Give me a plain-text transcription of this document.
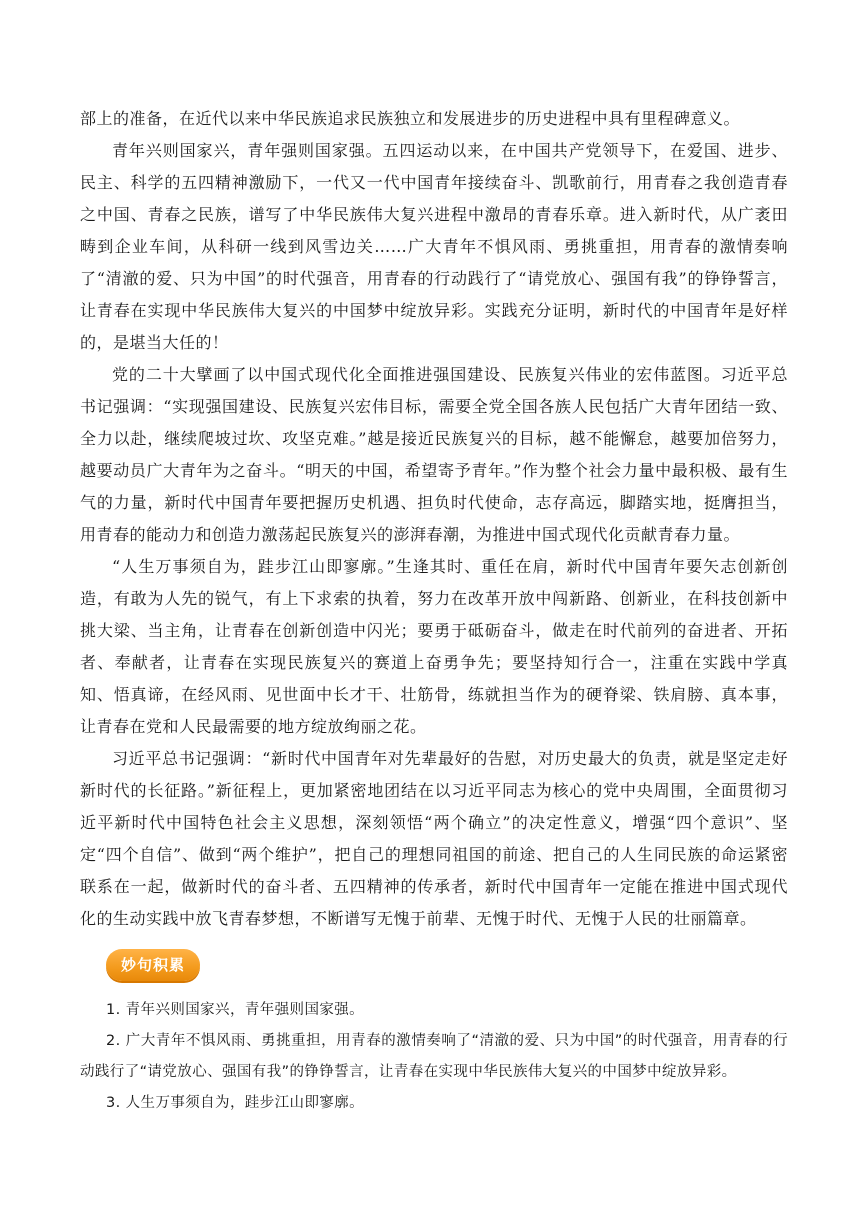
部上的准备，在近代以来中华民族追求民族独立和发展进步的历史进程中具有里程碑意义。

青年兴则国家兴，青年强则国家强。五四运动以来，在中国共产党领导下，在爱国、进步、民主、科学的五四精神激励下，一代又一代中国青年接续奋斗、凯歌前行，用青春之我创造青春之中国、青春之民族，谱写了中华民族伟大复兴进程中激昂的青春乐章。进入新时代，从广袤田畴到企业车间，从科研一线到风雪边关……广大青年不惧风雨、勇挑重担，用青春的激情奏响了“清澈的爱、只为中国”的时代强音，用青春的行动践行了“请党放心、强国有我”的铮铮誓言，让青春在实现中华民族伟大复兴的中国梦中绽放异彩。实践充分证明，新时代的中国青年是好样的，是堪当大任的！

党的二十大擘画了以中国式现代化全面推进强国建设、民族复兴伟业的宏伟蓝图。习近平总书记强调：“实现强国建设、民族复兴宏伟目标，需要全党全国各族人民包括广大青年团结一致、全力以赴，继续爬坡过坎、攻坚克难。”越是接近民族复兴的目标，越不能懈怠，越要加倍努力，越要动员广大青年为之奋斗。“明天的中国，希望寄予青年。”作为整个社会力量中最积极、最有生气的力量，新时代中国青年要把握历史机遇、担负时代使命，志存高远，脚踏实地，挺膺担当，用青春的能动力和创造力激荡起民族复兴的澎湃春潮，为推进中国式现代化贡献青春力量。

“人生万事须自为，跬步江山即寥廓。”生逢其时、重任在肩，新时代中国青年要矢志创新创造，有敢为人先的锐气，有上下求索的执着，努力在改革开放中闯新路、创新业，在科技创新中挑大梁、当主角，让青春在创新创造中闪光；要勇于砥砺奋斗，做走在时代前列的奋进者、开拓者、奉献者，让青春在实现民族复兴的赛道上奋勇争先；要坚持知行合一，注重在实践中学真知、悟真谛，在经风雨、见世面中长才干、壮筋骨，练就担当作为的硬脊梁、铁肩膀、真本事，让青春在党和人民最需要的地方绽放绚丽之花。

习近平总书记强调：“新时代中国青年对先辈最好的告慰，对历史最大的负责，就是坚定走好新时代的长征路。”新征程上，更加紧密地团结在以习近平同志为核心的党中央周围，全面贯彻习近平新时代中国特色社会主义思想，深刻领悟“两个确立”的决定性意义，增强“四个意识”、坚定“四个自信”、做到“两个维护”，把自己的理想同祖国的前途、把自己的人生同民族的命运紧密联系在一起，做新时代的奋斗者、五四精神的传承者，新时代中国青年一定能在推进中国式现代化的生动实践中放飞青春梦想，不断谱写无愧于前辈、无愧于时代、无愧于人民的壮丽篇章。

妙句积累

1. 青年兴则国家兴，青年强则国家强。

2. 广大青年不惧风雨、勇挑重担，用青春的激情奏响了“清澈的爱、只为中国”的时代强音，用青春的行动践行了“请党放心、强国有我”的铮铮誓言，让青春在实现中华民族伟大复兴的中国梦中绽放异彩。

3. 人生万事须自为，跬步江山即寥廓。
